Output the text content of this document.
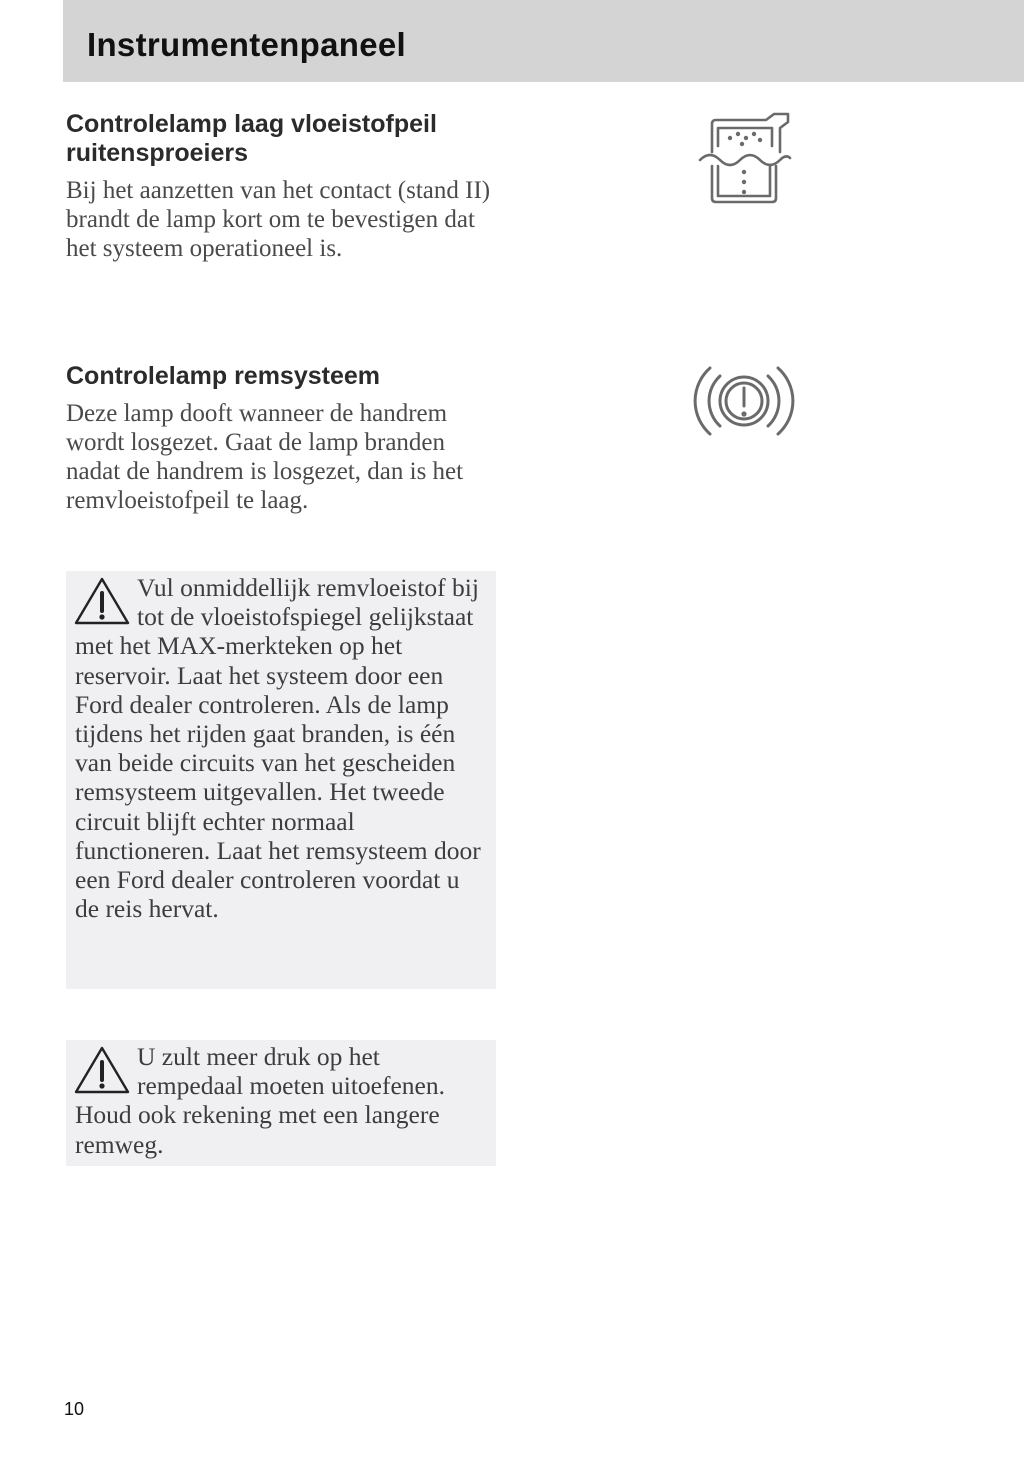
Instrumentenpaneel
Controlelamp laag vloeistofpeil
ruitensproeiers

Bij het aanzetten van het contact (stand II) brandt de lamp kort om te bevestigen dat het systeem operationeel is.

Controlelamp remsysteem

Deze lamp dooft wanneer de handrem wordt losgezet. Gaat de lamp branden nadat de handrem is losgezet, dan is het remvloeistofpeil te laag.

Vul onmiddellijk remvloeistof bij tot de vloeistofspiegel gelijkstaat met het MAX-merkteken op het reservoir. Laat het systeem door een Ford dealer controleren. Als de lamp tijdens het rijden gaat branden, is één van beide circuits van het gescheiden remsysteem uitgevallen. Het tweede circuit blijft echter normaal functioneren. Laat het remsysteem door een Ford dealer controleren voordat u de reis hervat.
U zult meer druk op het rempedaal moeten uitoefenen. Houd ook rekening met een langere remweg.

10
